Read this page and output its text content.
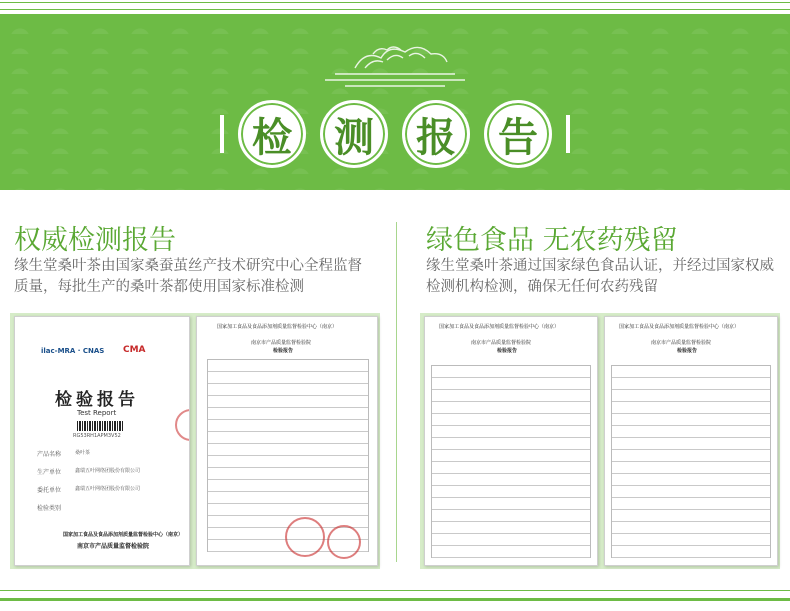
检	测	报	告
权威检测报告
缘生堂桑叶茶由国家桑蚕茧丝产技术研究中心全程监督质量，每批生产的桑叶茶都使用国家标准检测
绿色食品 无农药残留
缘生堂桑叶茶通过国家绿色食品认证，并经过国家权威检测机构检测，确保无任何农药残留
ilac-MRA · CNAS CMA
检验报告
Test Report
RG53RH1APM3V52
产品名称	桑叶茶
生产单位	鑫瑞五叶网络团股份有限公司
委托单位	鑫瑞五叶网络团股份有限公司
检验类别
国家加工食品及食品添加剂质量监督检验中心（南京）
南京市产品质量监督检验院
国家加工食品及食品添加剂质量监督检验中心（南京）
南京市产品质量监督检验院
检验报告
国家加工食品及食品添加剂质量监督检验中心（南京）
南京市产品质量监督检验院
检验报告
国家加工食品及食品添加剂质量监督检验中心（南京）
南京市产品质量监督检验院
检验报告
